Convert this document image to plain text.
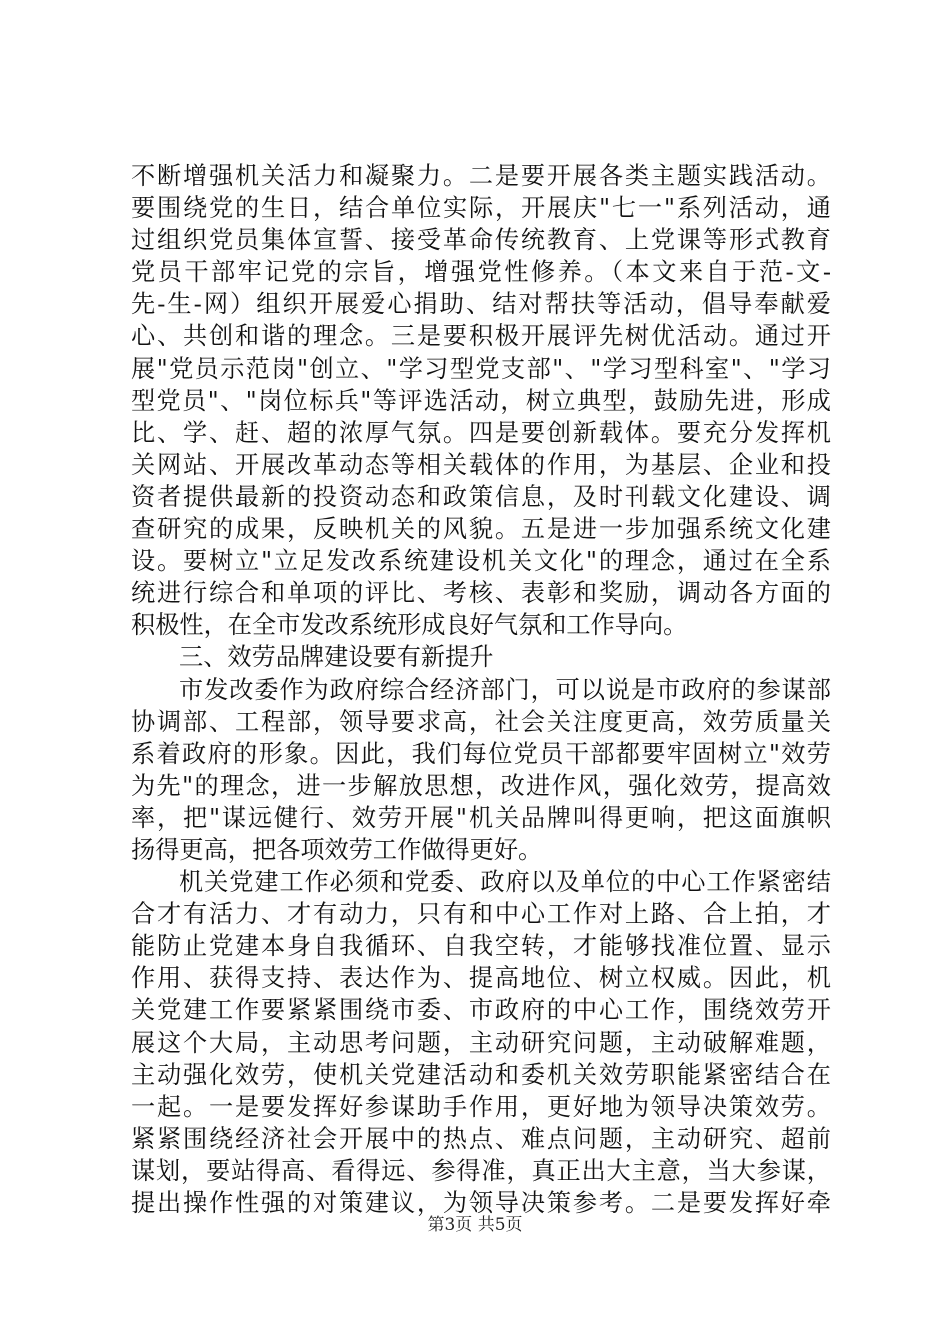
不断增强机关活力和凝聚力。二是要开展各类主题实践活动。
要围绕党的生日，结合单位实际，开展庆"七一"系列活动，通
过组织党员集体宣誓、接受革命传统教育、上党课等形式教育
党员干部牢记党的宗旨，增强党性修养。（本文来自于范-文-
先-生-网）组织开展爱心捐助、结对帮扶等活动，倡导奉献爱
心、共创和谐的理念。三是要积极开展评先树优活动。通过开
展"党员示范岗"创立、"学习型党支部"、"学习型科室"、"学习
型党员"、"岗位标兵"等评选活动，树立典型，鼓励先进，形成
比、学、赶、超的浓厚气氛。四是要创新载体。要充分发挥机
关网站、开展改革动态等相关载体的作用，为基层、企业和投
资者提供最新的投资动态和政策信息，及时刊载文化建设、调
查研究的成果，反映机关的风貌。五是进一步加强系统文化建
设。要树立"立足发改系统建设机关文化"的理念，通过在全系
统进行综合和单项的评比、考核、表彰和奖励，调动各方面的
积极性，在全市发改系统形成良好气氛和工作导向。
三、效劳品牌建设要有新提升
市发改委作为政府综合经济部门，可以说是市政府的参谋部
协调部、工程部，领导要求高，社会关注度更高，效劳质量关
系着政府的形象。因此，我们每位党员干部都要牢固树立"效劳
为先"的理念，进一步解放思想，改进作风，强化效劳，提高效
率，把"谋远健行、效劳开展"机关品牌叫得更响，把这面旗帜
扬得更高，把各项效劳工作做得更好。
机关党建工作必须和党委、政府以及单位的中心工作紧密结
合才有活力、才有动力，只有和中心工作对上路、合上拍，才
能防止党建本身自我循环、自我空转，才能够找准位置、显示
作用、获得支持、表达作为、提高地位、树立权威。因此，机
关党建工作要紧紧围绕市委、市政府的中心工作，围绕效劳开
展这个大局，主动思考问题，主动研究问题，主动破解难题，
主动强化效劳，使机关党建活动和委机关效劳职能紧密结合在
一起。一是要发挥好参谋助手作用，更好地为领导决策效劳。
紧紧围绕经济社会开展中的热点、难点问题，主动研究、超前
谋划，要站得高、看得远、参得准，真正出大主意，当大参谋，
提出操作性强的对策建议，为领导决策参考。二是要发挥好牵
第3页 共5页
